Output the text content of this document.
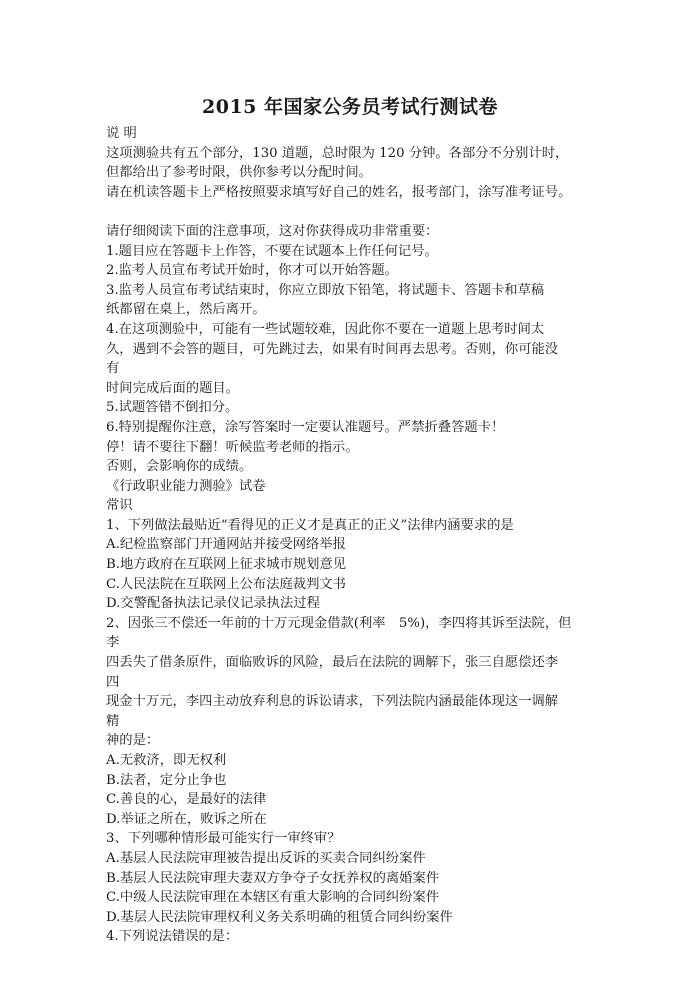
2015 年国家公务员考试行测试卷
说 明
这项测验共有五个部分，130 道题，总时限为 120 分钟。各部分不分别计时，
但都给出了参考时限，供你参考以分配时间。
请在机读答题卡上严格按照要求填写好自己的姓名，报考部门，涂写准考证号。
请仔细阅读下面的注意事项，这对你获得成功非常重要：
1.题目应在答题卡上作答，不要在试题本上作任何记号。
2.监考人员宣布考试开始时，你才可以开始答题。
3.监考人员宣布考试结束时，你应立即放下铅笔，将试题卡、答题卡和草稿
纸都留在桌上，然后离开。
4.在这项测验中，可能有一些试题较难，因此你不要在一道题上思考时间太
久，遇到不会答的题目，可先跳过去，如果有时间再去思考。否则，你可能没
有
时间完成后面的题目。
5.试题答错不倒扣分。
6.特别提醒你注意，涂写答案时一定要认准题号。严禁折叠答题卡！
停！请不要往下翻！听候监考老师的指示。
否则，会影响你的成绩。
《行政职业能力测验》试卷
常识
1、下列做法最贴近“看得见的正义才是真正的正义”法律内涵要求的是
A.纪检监察部门开通网站并接受网络举报
B.地方政府在互联网上征求城市规划意见
C.人民法院在互联网上公布法庭裁判文书
D.交警配备执法记录仪记录执法过程
2、因张三不偿还一年前的十万元现金借款(利率　5%)，李四将其诉至法院，但
李
四丢失了借条原件，面临败诉的风险，最后在法院的调解下，张三自愿偿还李
四
现金十万元，李四主动放弃利息的诉讼请求，下列法院内涵最能体现这一调解
精
神的是：
A.无救济，即无权利
B.法者，定分止争也
C.善良的心，是最好的法律
D.举证之所在，败诉之所在
3、下列哪种情形最可能实行一审终审？
A.基层人民法院审理被告提出反诉的买卖合同纠纷案件
B.基层人民法院审理夫妻双方争夺子女抚养权的离婚案件
C.中级人民法院审理在本辖区有重大影响的合同纠纷案件
D.基层人民法院审理权利义务关系明确的租赁合同纠纷案件
4.下列说法错误的是：
